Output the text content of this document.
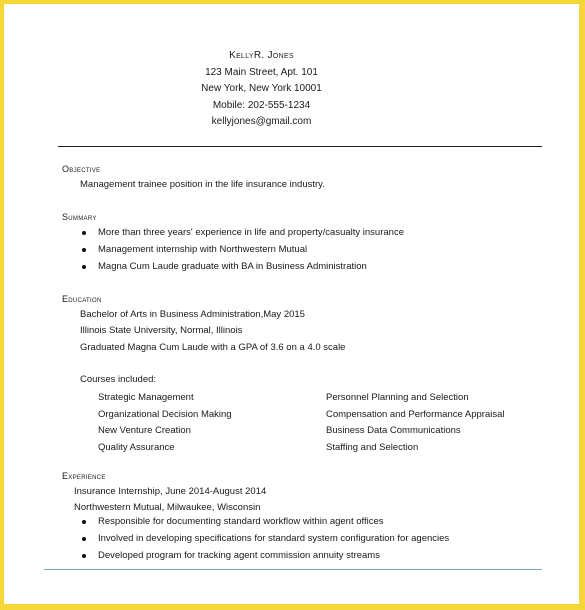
KellyR. Jones
123 Main Street, Apt. 101
New York, New York 10001
Mobile: 202-555-1234
kellyjones@gmail.com
Objective
Management trainee position in the life insurance industry.
Summary
More than three years' experience in life and property/casualty insurance
Management internship with Northwestern Mutual
Magna Cum Laude graduate with BA in Business Administration
Education
Bachelor of Arts in Business Administration,May 2015
Illinois State University, Normal, Illinois
Graduated Magna Cum Laude with a GPA of 3.6 on a 4.0 scale
Courses included:
Strategic Management
Organizational Decision Making
New Venture Creation
Quality Assurance
Personnel Planning and Selection
Compensation and Performance Appraisal
Business Data Communications
Staffing and Selection
Experience
Insurance Internship, June 2014-August 2014
Northwestern Mutual, Milwaukee, Wisconsin
Responsible for documenting standard workflow within agent offices
Involved in developing specifications for standard system configuration for agencies
Developed program for tracking agent commission annuity streams
